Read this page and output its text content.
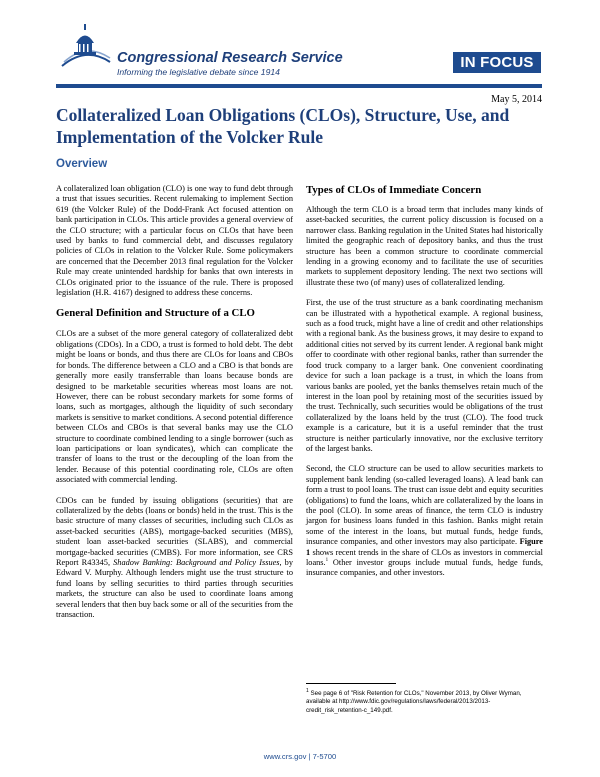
Congressional Research Service
Informing the legislative debate since 1914
IN FOCUS
May 5, 2014
Collateralized Loan Obligations (CLOs), Structure, Use, and Implementation of the Volcker Rule
Overview

A collateralized loan obligation (CLO) is one way to fund debt through a trust that issues securities. Recent rulemaking to implement Section 619 (the Volcker Rule) of the Dodd-Frank Act focused attention on bank participation in CLOs. This article provides a general overview of the CLO structure; with a particular focus on CLOs that have been used by banks to fund commercial debt, and discusses regulatory policies of CLOs in relation to the Volcker Rule. Some policymakers are concerned that the December 2013 final regulation for the Volcker Rule may create unintended hardship for banks that own interests in CLOs originated prior to the issuance of the rule. There is proposed legislation (H.R. 4167) designed to address these concerns.

General Definition and Structure of a CLO

CLOs are a subset of the more general category of collateralized debt obligations (CDOs). In a CDO, a trust is formed to hold debt. The debt might be loans or bonds, and thus there are CLOs for loans and CBOs for bonds. The difference between a CLO and a CBO is that bonds are generally more easily transferrable than loans because bonds are designed to be marketable securities whereas most loans are not. However, there can be robust secondary markets for some forms of loans, such as mortgages, although the liquidity of such secondary markets is sensitive to market conditions. A second potential difference between CLOs and CBOs is that several banks may use the CLO structure to coordinate combined lending to a single borrower (such as loan participations or loan syndicates), which can complicate the transfer of loans to the trust or the decoupling of the loan from the lender. Because of this potential coordinating role, CLOs are often associated with commercial lending.

CDOs can be funded by issuing obligations (securities) that are collateralized by the debts (loans or bonds) held in the trust. This is the basic structure of many classes of securities, including such CLOs as asset-backed securities (ABS), mortgage-backed securities (MBS), student loan asset-backed securities (SLABS), and commercial mortgage-backed securities (CMBS). For more information, see CRS Report R43345, Shadow Banking: Background and Policy Issues, by Edward V. Murphy. Although lenders might use the trust structure to fund loans by selling securities to third parties through securities markets, the structure can also be used to coordinate loans among several lenders that then buy back some or all of the securities from the transaction.

Types of CLOs of Immediate Concern

Although the term CLO is a broad term that includes many kinds of asset-backed securities, the current policy discussion is focused on a narrower class. Banking regulation in the United States had historically limited the geographic reach of depository banks, and thus the trust structure has been a common structure to coordinate commercial lending in a growing economy and to facilitate the use of securities markets to supplement depository lending. The next two sections will illustrate these two (of many) uses of collateralized lending.

First, the use of the trust structure as a bank coordinating mechanism can be illustrated with a hypothetical example. A regional business, such as a food truck, might have a line of credit and other relationships with a regional bank. As the business grows, it may desire to expand to additional cities not served by its current lender. A regional bank might offer to coordinate with other regional banks, rather than surrender the food truck company to a larger bank. One convenient coordinating device for such a loan package is a trust, in which the loans from various banks are pooled, yet the banks themselves retain much of the interest in the loan pool by retaining most of the securities issued by the trust. Technically, such securities would be obligations of the trust collateralized by the loans held by the trust (CLO). The food truck example is a caricature, but it is a useful reminder that the trust structure is neither particularly innovative, nor the exclusive territory of the largest banks.

Second, the CLO structure can be used to allow securities markets to supplement bank lending (so-called leveraged loans). A lead bank can form a trust to pool loans. The trust can issue debt and equity securities (obligations) to fund the loans, which are collateralized by the loans in the pool (CLO). In some areas of finance, the term CLO is industry jargon for business loans funded in this fashion. Banks might retain some of the interest in the loans, but mutual funds, hedge funds, insurance companies, and other investors may also participate. Figure 1 shows recent trends in the share of CLOs as investors in commercial loans.$^1$ Other investor groups include mutual funds, hedge funds, insurance companies, and other investors.

$^1$ See page 6 of "Risk Retention for CLOs," November 2013, by Oliver Wyman, available at http://www.fdic.gov/regulations/laws/federal/2013/2013-credit_risk_retention-c_149.pdf.
www.crs.gov | 7-5700
